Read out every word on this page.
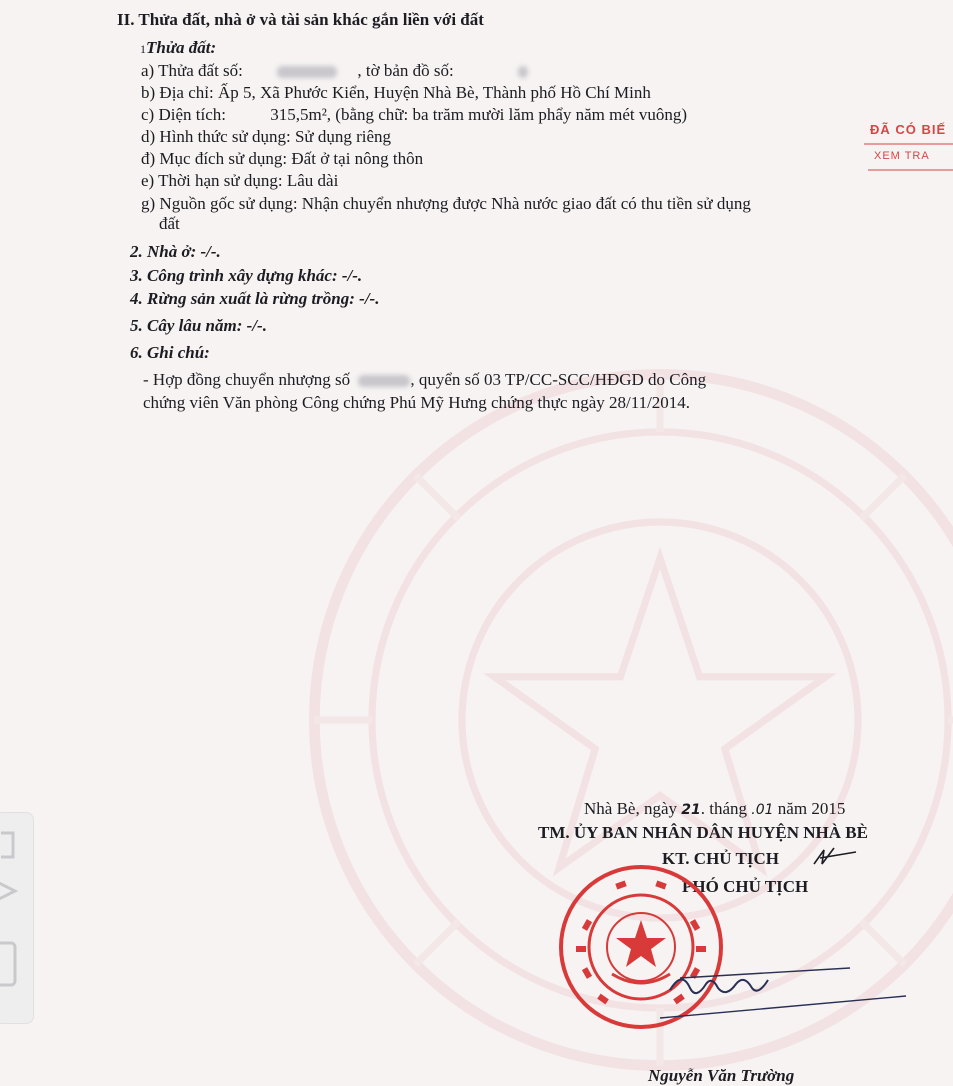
II. Thửa đất, nhà ở và tài sản khác gắn liền với đất
1Thửa đất:
a) Thửa đất số:	, tờ bản đồ số:
b) Địa chỉ: Ấp 5, Xã Phước Kiển, Huyện Nhà Bè, Thành phố Hồ Chí Minh
c) Diện tích:	315,5m², (bằng chữ: ba trăm mười lăm phẩy năm mét vuông)
d) Hình thức sử dụng: Sử dụng riêng
đ) Mục đích sử dụng: Đất ở tại nông thôn
e) Thời hạn sử dụng: Lâu dài
g) Nguồn gốc sử dụng: Nhận chuyển nhượng được Nhà nước giao đất có thu tiền sử dụng
đất
2. Nhà ở: -/-.
3. Công trình xây dựng khác: -/-.
4. Rừng sản xuất là rừng trồng: -/-.
5. Cây lâu năm: -/-.
6. Ghi chú:
- Hợp đồng chuyển nhượng số	, quyển số 03 TP/CC-SCC/HĐGD do Công
chứng viên Văn phòng Công chứng Phú Mỹ Hưng chứng thực ngày 28/11/2014.
ĐÃ CÓ BIẾ
XEM TRA
Nhà Bè, ngày 21. tháng .01 năm 2015
TM. ỦY BAN NHÂN DÂN HUYỆN NHÀ BÈ
KT. CHỦ TỊCH
PHÓ CHỦ TỊCH
Nguyễn Văn Trường
